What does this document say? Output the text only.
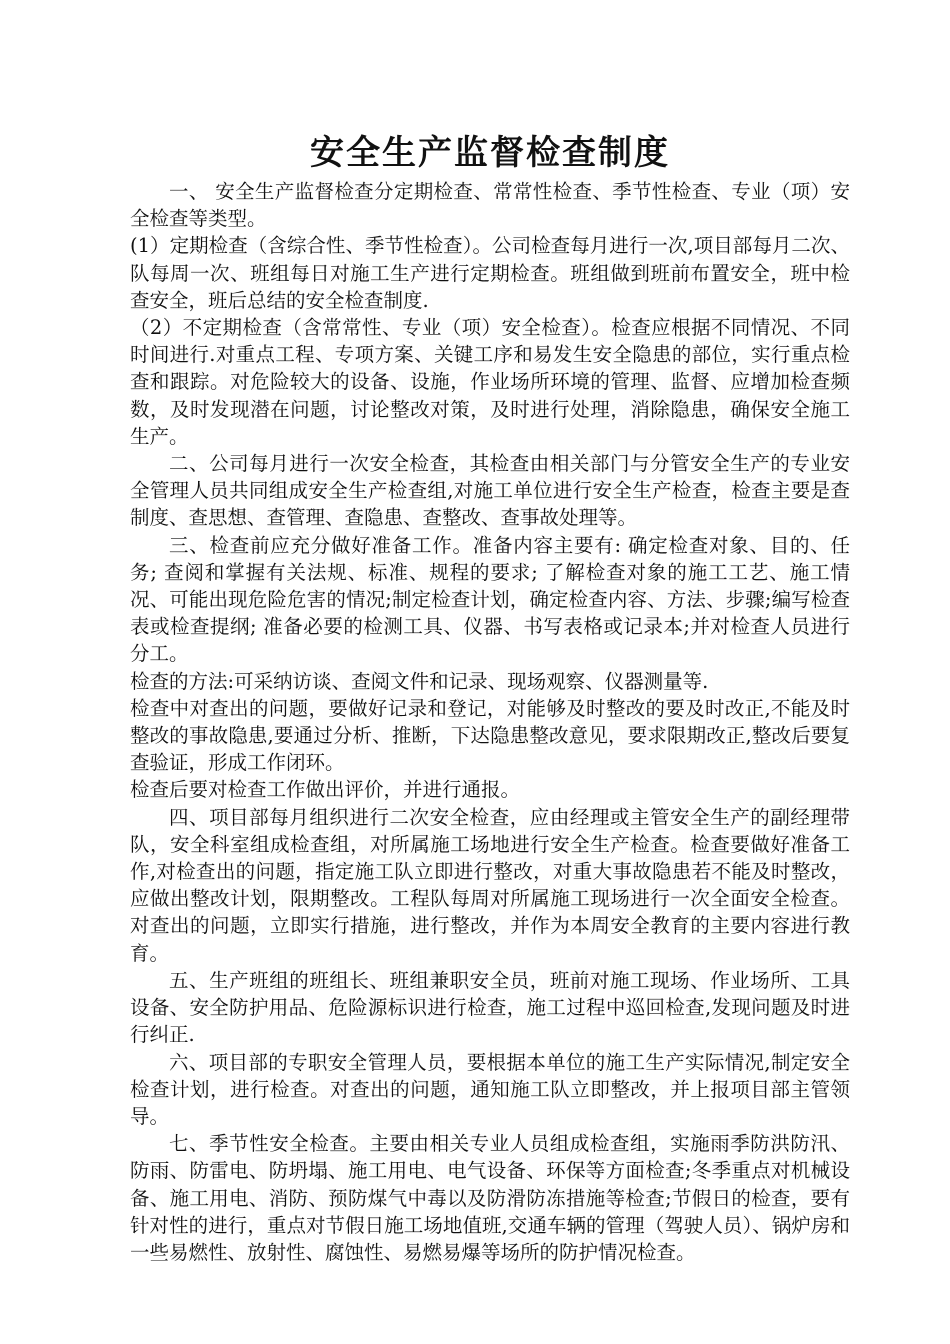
安全生产监督检查制度

一、 安全生产监督检查分定期检查、常常性检查、季节性检查、专业（项）安全检查等类型。

(1）定期检查（含综合性、季节性检查）。公司检查每月进行一次,项目部每月二次、队每周一次、班组每日对施工生产进行定期检查。班组做到班前布置安全，班中检查安全，班后总结的安全检查制度.

（2）不定期检查（含常常性、专业（项）安全检查）。检查应根据不同情况、不同时间进行.对重点工程、专项方案、关键工序和易发生安全隐患的部位，实行重点检查和跟踪。对危险较大的设备、设施，作业场所环境的管理、监督、应增加检查频数，及时发现潜在问题，讨论整改对策，及时进行处理，消除隐患，确保安全施工生产。

二、公司每月进行一次安全检查，其检查由相关部门与分管安全生产的专业安全管理人员共同组成安全生产检查组,对施工单位进行安全生产检查，检查主要是查制度、查思想、查管理、查隐患、查整改、查事故处理等。

三、检查前应充分做好准备工作。准备内容主要有: 确定检查对象、目的、任务; 查阅和掌握有关法规、标准、规程的要求; 了解检查对象的施工工艺、施工情况、可能出现危险危害的情况;制定检查计划，确定检查内容、方法、步骤;编写检查表或检查提纲; 准备必要的检测工具、仪器、书写表格或记录本;并对检查人员进行分工。

检查的方法:可采纳访谈、查阅文件和记录、现场观察、仪器测量等.

检查中对查出的问题，要做好记录和登记，对能够及时整改的要及时改正,不能及时整改的事故隐患,要通过分析、推断，下达隐患整改意见，要求限期改正,整改后要复查验证，形成工作闭环。

检查后要对检查工作做出评价，并进行通报。

四、项目部每月组织进行二次安全检查，应由经理或主管安全生产的副经理带队，安全科室组成检查组，对所属施工场地进行安全生产检查。检查要做好准备工作,对检查出的问题，指定施工队立即进行整改，对重大事故隐患若不能及时整改，应做出整改计划，限期整改。工程队每周对所属施工现场进行一次全面安全检查。对查出的问题，立即实行措施，进行整改，并作为本周安全教育的主要内容进行教育。

五、生产班组的班组长、班组兼职安全员，班前对施工现场、作业场所、工具设备、安全防护用品、危险源标识进行检查，施工过程中巡回检查,发现问题及时进行纠正.

六、项目部的专职安全管理人员，要根据本单位的施工生产实际情况,制定安全检查计划，进行检查。对查出的问题，通知施工队立即整改，并上报项目部主管领导。

七、季节性安全检查。主要由相关专业人员组成检查组，实施雨季防洪防汛、防雨、防雷电、防坍塌、施工用电、电气设备、环保等方面检查;冬季重点对机械设备、施工用电、消防、预防煤气中毒以及防滑防冻措施等检查;节假日的检查，要有针对性的进行，重点对节假日施工场地值班,交通车辆的管理（驾驶人员）、锅炉房和一些易燃性、放射性、腐蚀性、易燃易爆等场所的防护情况检查。
